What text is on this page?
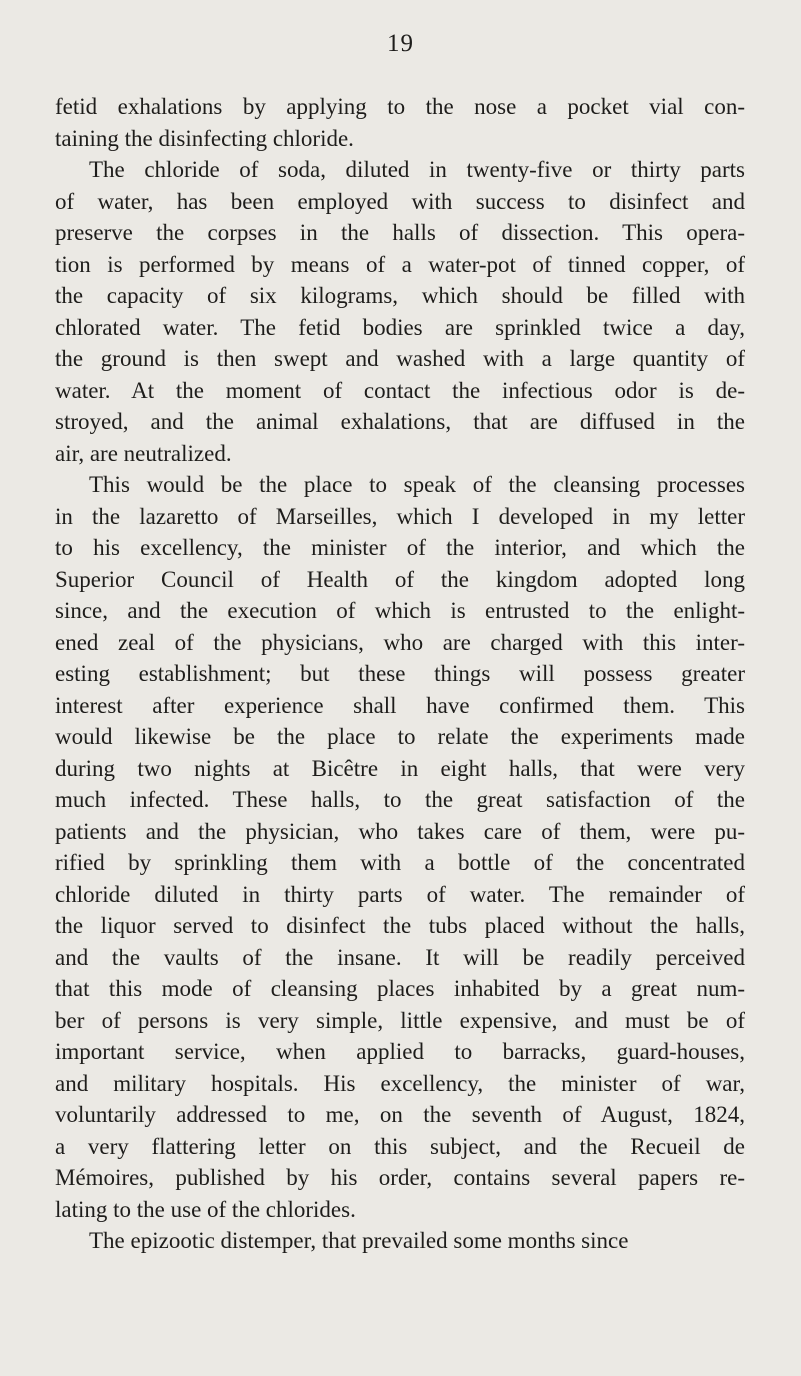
19
fetid exhalations by applying to the nose a pocket vial con-
taining the disinfecting chloride.
The chloride of soda, diluted in twenty-five or thirty parts
of water, has been employed with success to disinfect and
preserve the corpses in the halls of dissection. This opera-
tion is performed by means of a water-pot of tinned copper, of
the capacity of six kilograms, which should be filled with
chlorated water. The fetid bodies are sprinkled twice a day,
the ground is then swept and washed with a large quantity of
water. At the moment of contact the infectious odor is de-
stroyed, and the animal exhalations, that are diffused in the
air, are neutralized.
This would be the place to speak of the cleansing processes
in the lazaretto of Marseilles, which I developed in my letter
to his excellency, the minister of the interior, and which the
Superior Council of Health of the kingdom adopted long
since, and the execution of which is entrusted to the enlight-
ened zeal of the physicians, who are charged with this inter-
esting establishment; but these things will possess greater
interest after experience shall have confirmed them. This
would likewise be the place to relate the experiments made
during two nights at Bicêtre in eight halls, that were very
much infected. These halls, to the great satisfaction of the
patients and the physician, who takes care of them, were pu-
rified by sprinkling them with a bottle of the concentrated
chloride diluted in thirty parts of water. The remainder of
the liquor served to disinfect the tubs placed without the halls,
and the vaults of the insane. It will be readily perceived
that this mode of cleansing places inhabited by a great num-
ber of persons is very simple, little expensive, and must be of
important service, when applied to barracks, guard-houses,
and military hospitals. His excellency, the minister of war,
voluntarily addressed to me, on the seventh of August, 1824,
a very flattering letter on this subject, and the Recueil de
Mémoires, published by his order, contains several papers re-
lating to the use of the chlorides.
The epizootic distemper, that prevailed some months since
